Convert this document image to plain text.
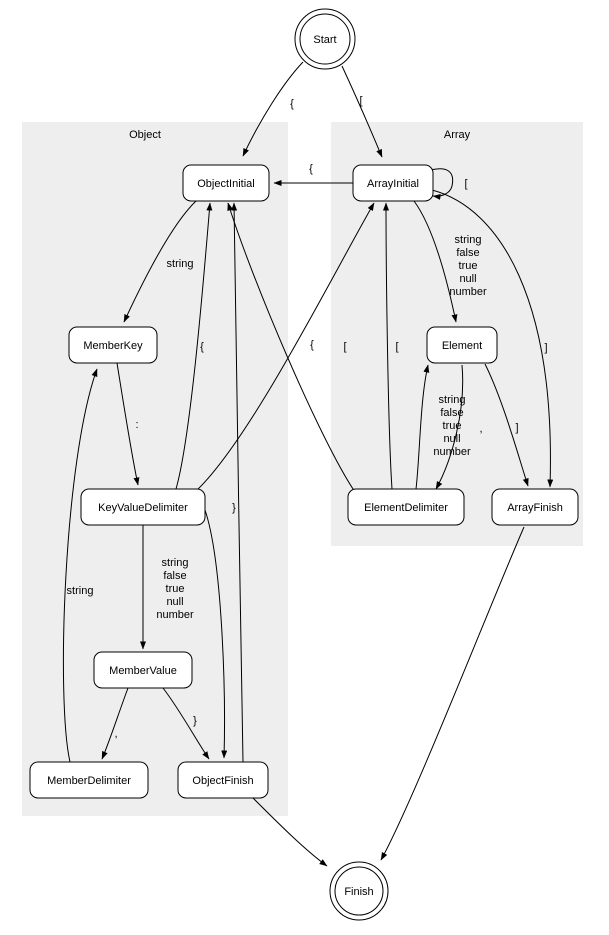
Object	Array
{	[
{
[
string
string
false
true
null
number
:
{	[
{	[
string
false
true
null
number
,	]
]
string
false
true
null
number
}
string
,
}
Start
ObjectInitial	ArrayInitial
MemberKey	Element
KeyValueDelimiter	ElementDelimiter	ArrayFinish
MemberValue
MemberDelimiter	ObjectFinish
Finish
